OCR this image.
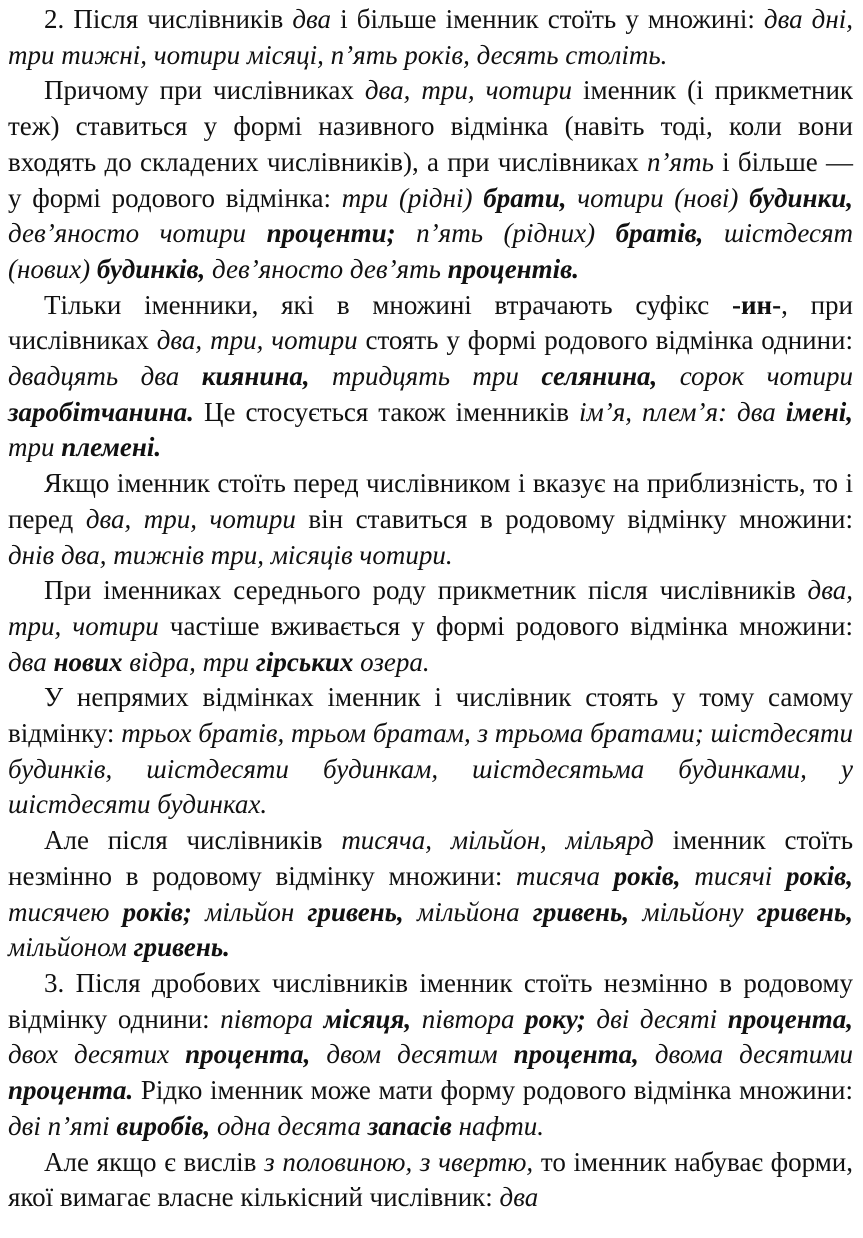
2. Після числівників два і більше іменник стоїть у множині: два дні, три тижні, чотири місяці, п’ять років, десять століть.

Причому при числівниках два, три, чотири іменник (і прикметник теж) ставиться у формі називного відмінка (навіть тоді, коли вони входять до складених числівників), а при числівниках п’ять і більше — у формі родового відмінка: три (рідні) брати, чотири (нові) будинки, дев’яносто чотири проценти; п’ять (рідних) братів, шістдесят (нових) будинків, дев’яносто дев’ять процентів.

Тільки іменники, які в множині втрачають суфікс -ин-, при числівниках два, три, чотири стоять у формі родового відмінка однини: двадцять два киянина, тридцять три селянина, сорок чотири заробітчанина. Це стосується також іменників ім’я, плем’я: два імені, три племені.

Якщо іменник стоїть перед числівником і вказує на приблизність, то і перед два, три, чотири він ставиться в родовому відмінку множини: днів два, тижнів три, місяців чотири.

При іменниках середнього роду прикметник після числівників два, три, чотири частіше вживається у формі родового відмінка множини: два нових відра, три гірських озера.

У непрямих відмінках іменник і числівник стоять у тому самому відмінку: трьох братів, трьом братам, з трьома братами; шістдесяти будинків, шістдесяти будинкам, шістдесятьма будинками, у шістдесяти будинках.

Але після числівників тисяча, мільйон, мільярд іменник стоїть незмінно в родовому відмінку множини: тисяча років, тисячі років, тисячею років; мільйон гривень, мільйона гривень, мільйону гривень, мільйоном гривень.

3. Після дробових числівників іменник стоїть незмінно в родовому відмінку однини: півтора місяця, півтора року; дві десяті процента, двох десятих процента, двом десятим процента, двома десятими процента. Рідко іменник може мати форму родового відмінка множини: дві п’яті виробів, одна десята запасів нафти.

Але якщо є вислів з половиною, з чвертю, то іменник набуває форми, якої вимагає власне кількісний числівник: два
